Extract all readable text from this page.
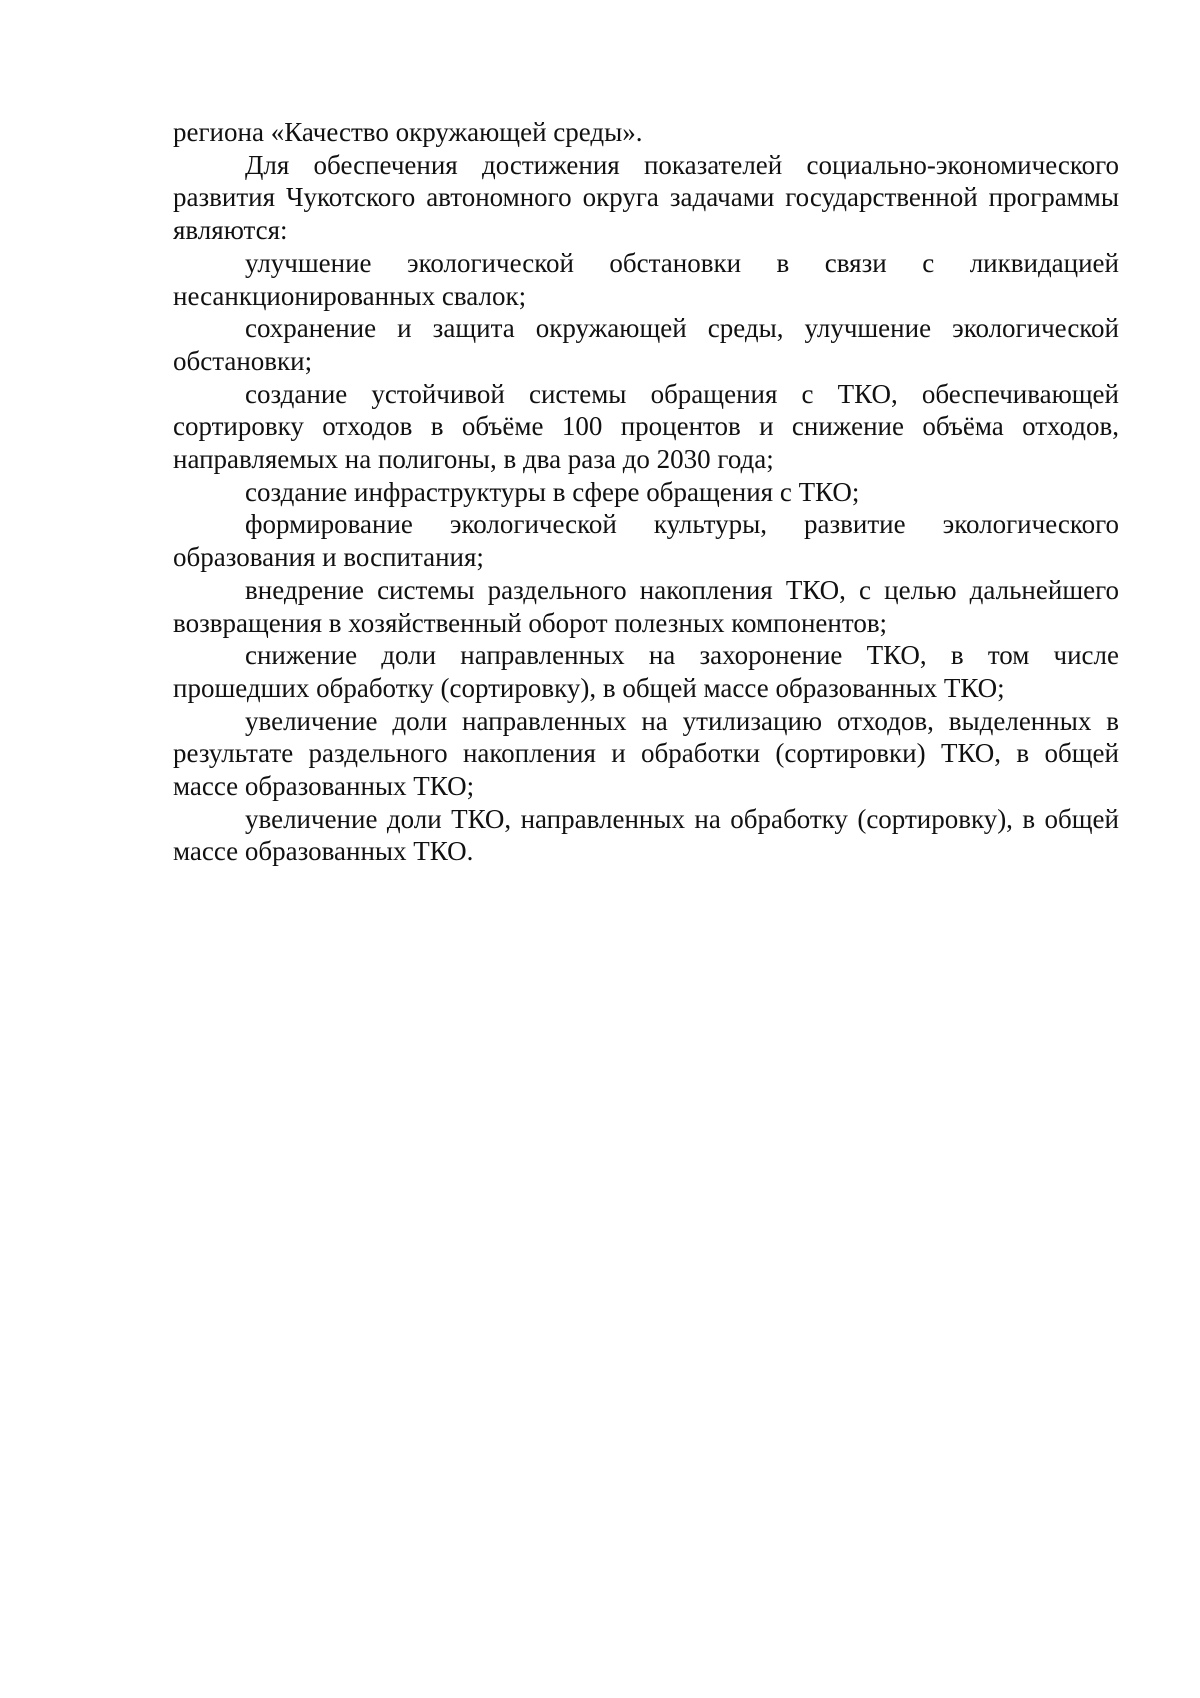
региона «Качество окружающей среды».

Для обеспечения достижения показателей социально-экономического развития Чукотского автономного округа задачами государственной программы являются:

улучшение экологической обстановки в связи с ликвидацией несанкционированных свалок;

сохранение и защита окружающей среды, улучшение экологической обстановки;

создание устойчивой системы обращения с ТКО, обеспечивающей сортировку отходов в объёме 100 процентов и снижение объёма отходов, направляемых на полигоны, в два раза до 2030 года;

создание инфраструктуры в сфере обращения с ТКО;

формирование экологической культуры, развитие экологического образования и воспитания;

внедрение системы раздельного накопления ТКО, с целью дальнейшего возвращения в хозяйственный оборот полезных компонентов;

снижение доли направленных на захоронение ТКО, в том числе прошедших обработку (сортировку), в общей массе образованных ТКО;

увеличение доли направленных на утилизацию отходов, выделенных в результате раздельного накопления и обработки (сортировки) ТКО, в общей массе образованных ТКО;

увеличение доли ТКО, направленных на обработку (сортировку), в общей массе образованных ТКО.
